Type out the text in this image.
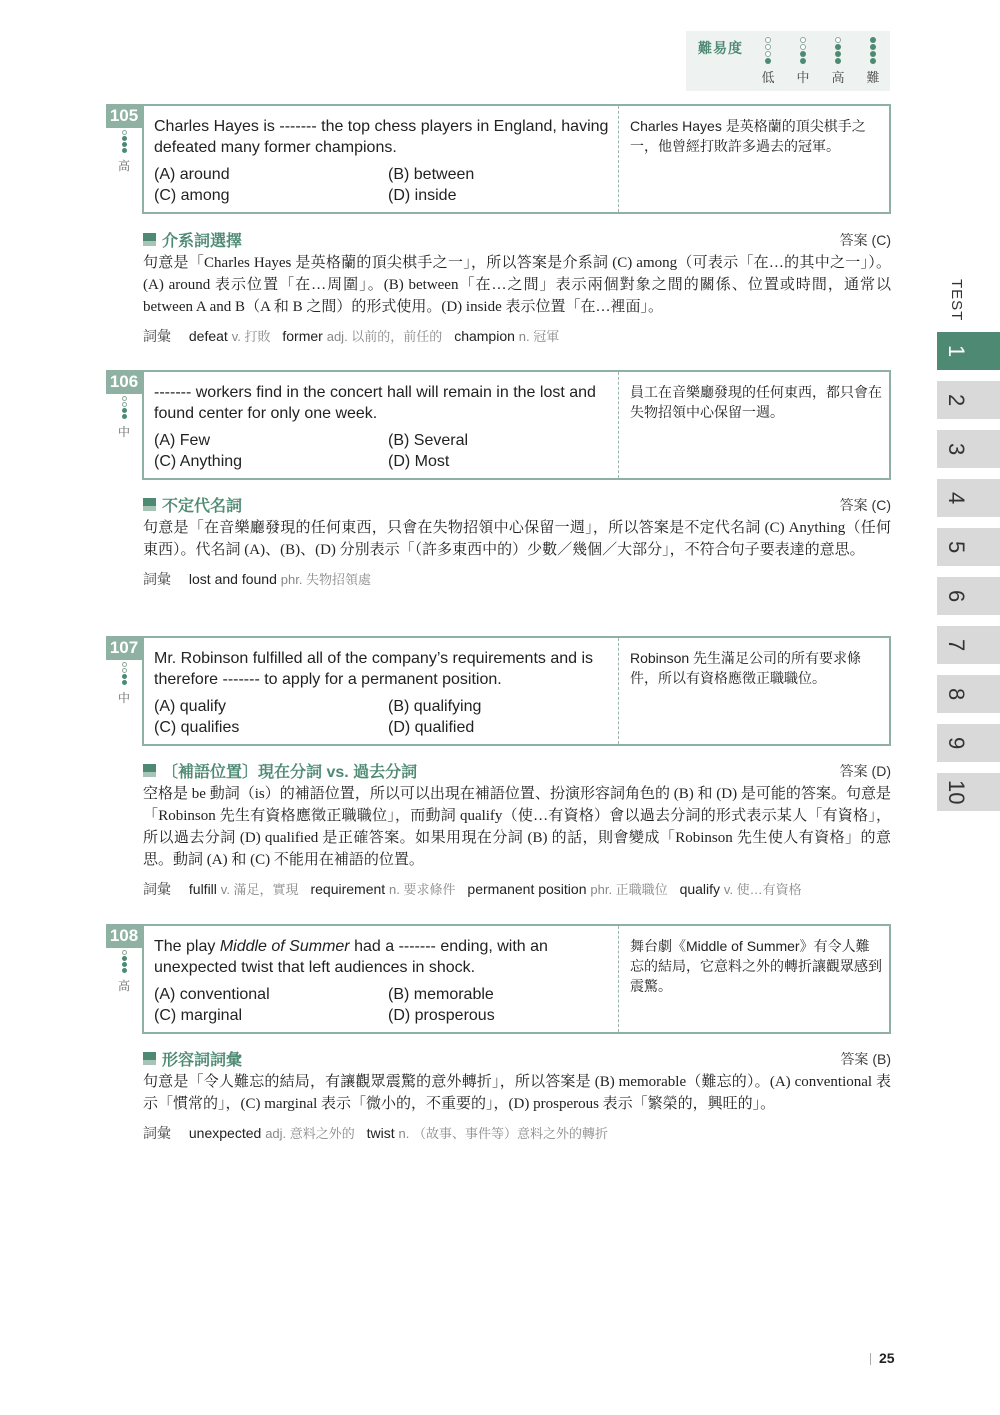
難易度
低 中 高 難
105
高
Charles Hayes is ------- the top chess players in England, having defeated many former champions.
(A) around	(B) between
(C) among	(D) inside
Charles Hayes 是英格蘭的頂尖棋手之一，他曾經打敗許多過去的冠軍。
介系詞選擇	答案 (C)
句意是「Charles Hayes 是英格蘭的頂尖棋手之一」，所以答案是介系詞 (C) among（可表示「在…的其中之一」）。(A) around 表示位置「在…周圍」。(B) between「在…之間」表示兩個對象之間的關係、位置或時間，通常以 between A and B（A 和 B 之間）的形式使用。(D) inside 表示位置「在…裡面」。
詞彙 defeat v. 打敗 former adj. 以前的，前任的 champion n. 冠軍
106
中
------- workers find in the concert hall will remain in the lost and found center for only one week.
(A) Few	(B) Several
(C) Anything	(D) Most
員工在音樂廳發現的任何東西，都只會在失物招領中心保留一週。
不定代名詞	答案 (C)
句意是「在音樂廳發現的任何東西，只會在失物招領中心保留一週」，所以答案是不定代名詞 (C) Anything（任何東西）。代名詞 (A)、(B)、(D) 分別表示「（許多東西中的）少數／幾個／大部分」，不符合句子要表達的意思。
詞彙 lost and found phr. 失物招領處
107
中
Mr. Robinson fulfilled all of the company’s requirements and is therefore ------- to apply for a permanent position.
(A) qualify	(B) qualifying
(C) qualifies	(D) qualified
Robinson 先生滿足公司的所有要求條件，所以有資格應徵正職職位。
〔補語位置〕現在分詞 vs. 過去分詞	答案 (D)
空格是 be 動詞（is）的補語位置，所以可以出現在補語位置、扮演形容詞角色的 (B) 和 (D) 是可能的答案。句意是「Robinson 先生有資格應徵正職職位」，而動詞 qualify（使…有資格）會以過去分詞的形式表示某人「有資格」，所以過去分詞 (D) qualified 是正確答案。如果用現在分詞 (B) 的話，則會變成「Robinson 先生使人有資格」的意思。動詞 (A) 和 (C) 不能用在補語的位置。
詞彙 fulfill v. 滿足，實現 requirement n. 要求條件 permanent position phr. 正職職位 qualify v. 使…有資格
108
高
The play Middle of Summer had a ------- ending, with an unexpected twist that left audiences in shock.
(A) conventional	(B) memorable
(C) marginal	(D) prosperous
舞台劇《Middle of Summer》有令人難忘的結局，它意料之外的轉折讓觀眾感到震驚。
形容詞詞彙	答案 (B)
句意是「令人難忘的結局，有讓觀眾震驚的意外轉折」，所以答案是 (B) memorable（難忘的）。(A) conventional 表示「慣常的」，(C) marginal 表示「微小的，不重要的」，(D) prosperous 表示「繁榮的，興旺的」。
詞彙 unexpected adj. 意料之外的 twist n. （故事、事件等）意料之外的轉折
TEST
1
2
3
4
5
6
7
8
9
10
25
